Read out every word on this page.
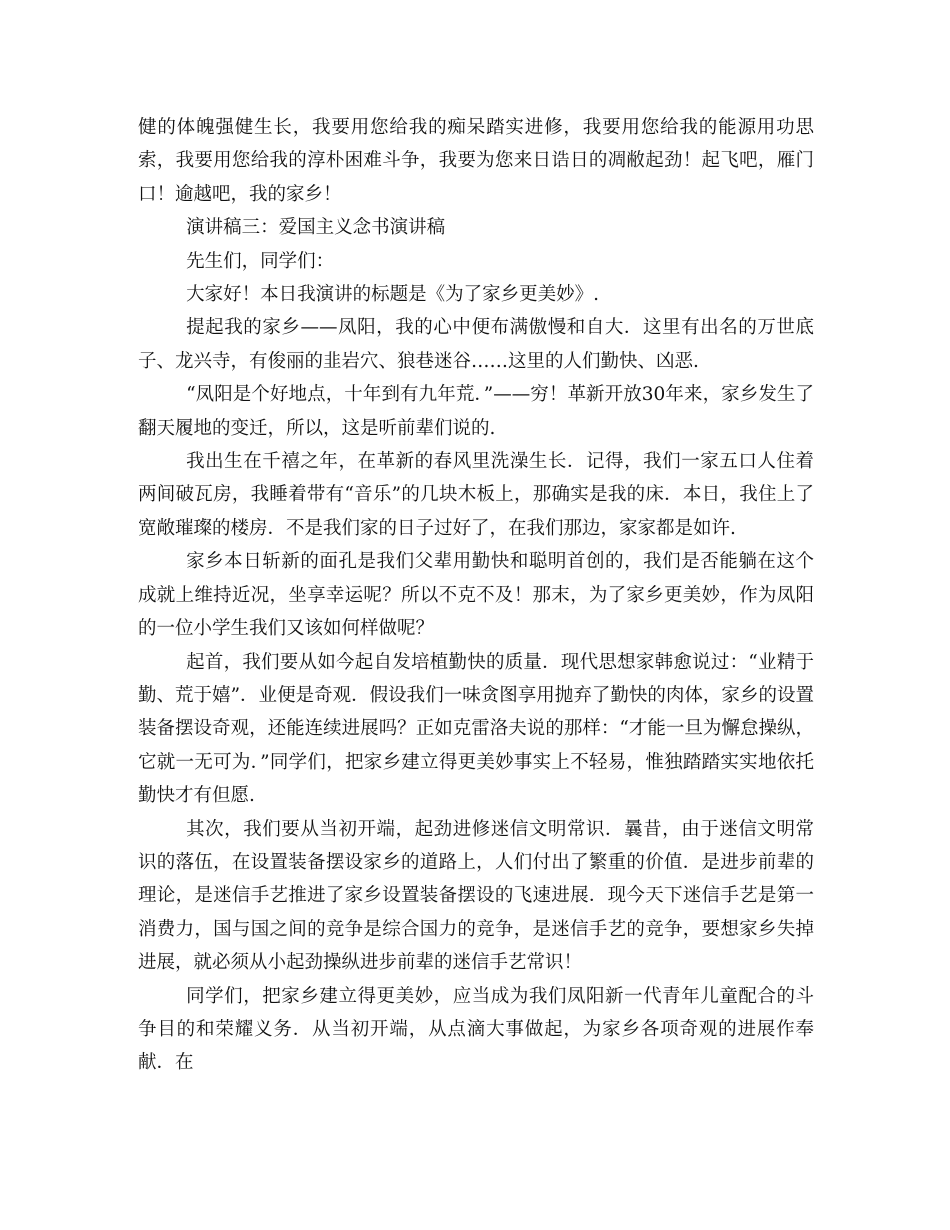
健的体魄强健生长，我要用您给我的痴呆踏实进修，我要用您给我的能源用功思索，我要用您给我的淳朴困难斗争，我要为您来日诰日的凋敝起劲！起飞吧，雁门口！逾越吧，我的家乡！

演讲稿三：爱国主义念书演讲稿

先生们，同学们：

大家好！本日我演讲的标题是《为了家乡更美妙》.

提起我的家乡——凤阳，我的心中便布满傲慢和自大．这里有出名的万世底子、龙兴寺，有俊丽的韭岩穴、狼巷迷谷……这里的人们勤快、凶恶.

“凤阳是个好地点，十年到有九年荒．”——穷！革新开放30年来，家乡发生了翻天履地的变迁，所以，这是听前辈们说的.

我出生在千禧之年，在革新的春风里洗澡生长．记得，我们一家五口人住着两间破瓦房，我睡着带有“音乐”的几块木板上，那确实是我的床．本日，我住上了宽敞璀璨的楼房．不是我们家的日子过好了，在我们那边，家家都是如许.

家乡本日斩新的面孔是我们父辈用勤快和聪明首创的，我们是否能躺在这个成就上维持近况，坐享幸运呢？所以不克不及！那末，为了家乡更美妙，作为凤阳的一位小学生我们又该如何样做呢？

起首，我们要从如今起自发培植勤快的质量．现代思想家韩愈说过：“业精于勤、荒于嬉”．业便是奇观．假设我们一味贪图享用抛弃了勤快的肉体，家乡的设置装备摆设奇观，还能连续进展吗？正如克雷洛夫说的那样：“才能一旦为懈怠操纵，它就一无可为．”同学们，把家乡建立得更美妙事实上不轻易，惟独踏踏实实地依托勤快才有但愿.

其次，我们要从当初开端，起劲进修迷信文明常识．曩昔，由于迷信文明常识的落伍，在设置装备摆设家乡的道路上，人们付出了繁重的价值．是进步前辈的理论，是迷信手艺推进了家乡设置装备摆设的飞速进展．现今天下迷信手艺是第一消费力，国与国之间的竞争是综合国力的竞争，是迷信手艺的竞争，要想家乡失掉进展，就必须从小起劲操纵进步前辈的迷信手艺常识！

同学们，把家乡建立得更美妙，应当成为我们凤阳新一代青年儿童配合的斗争目的和荣耀义务．从当初开端，从点滴大事做起，为家乡各项奇观的进展作奉献．在
